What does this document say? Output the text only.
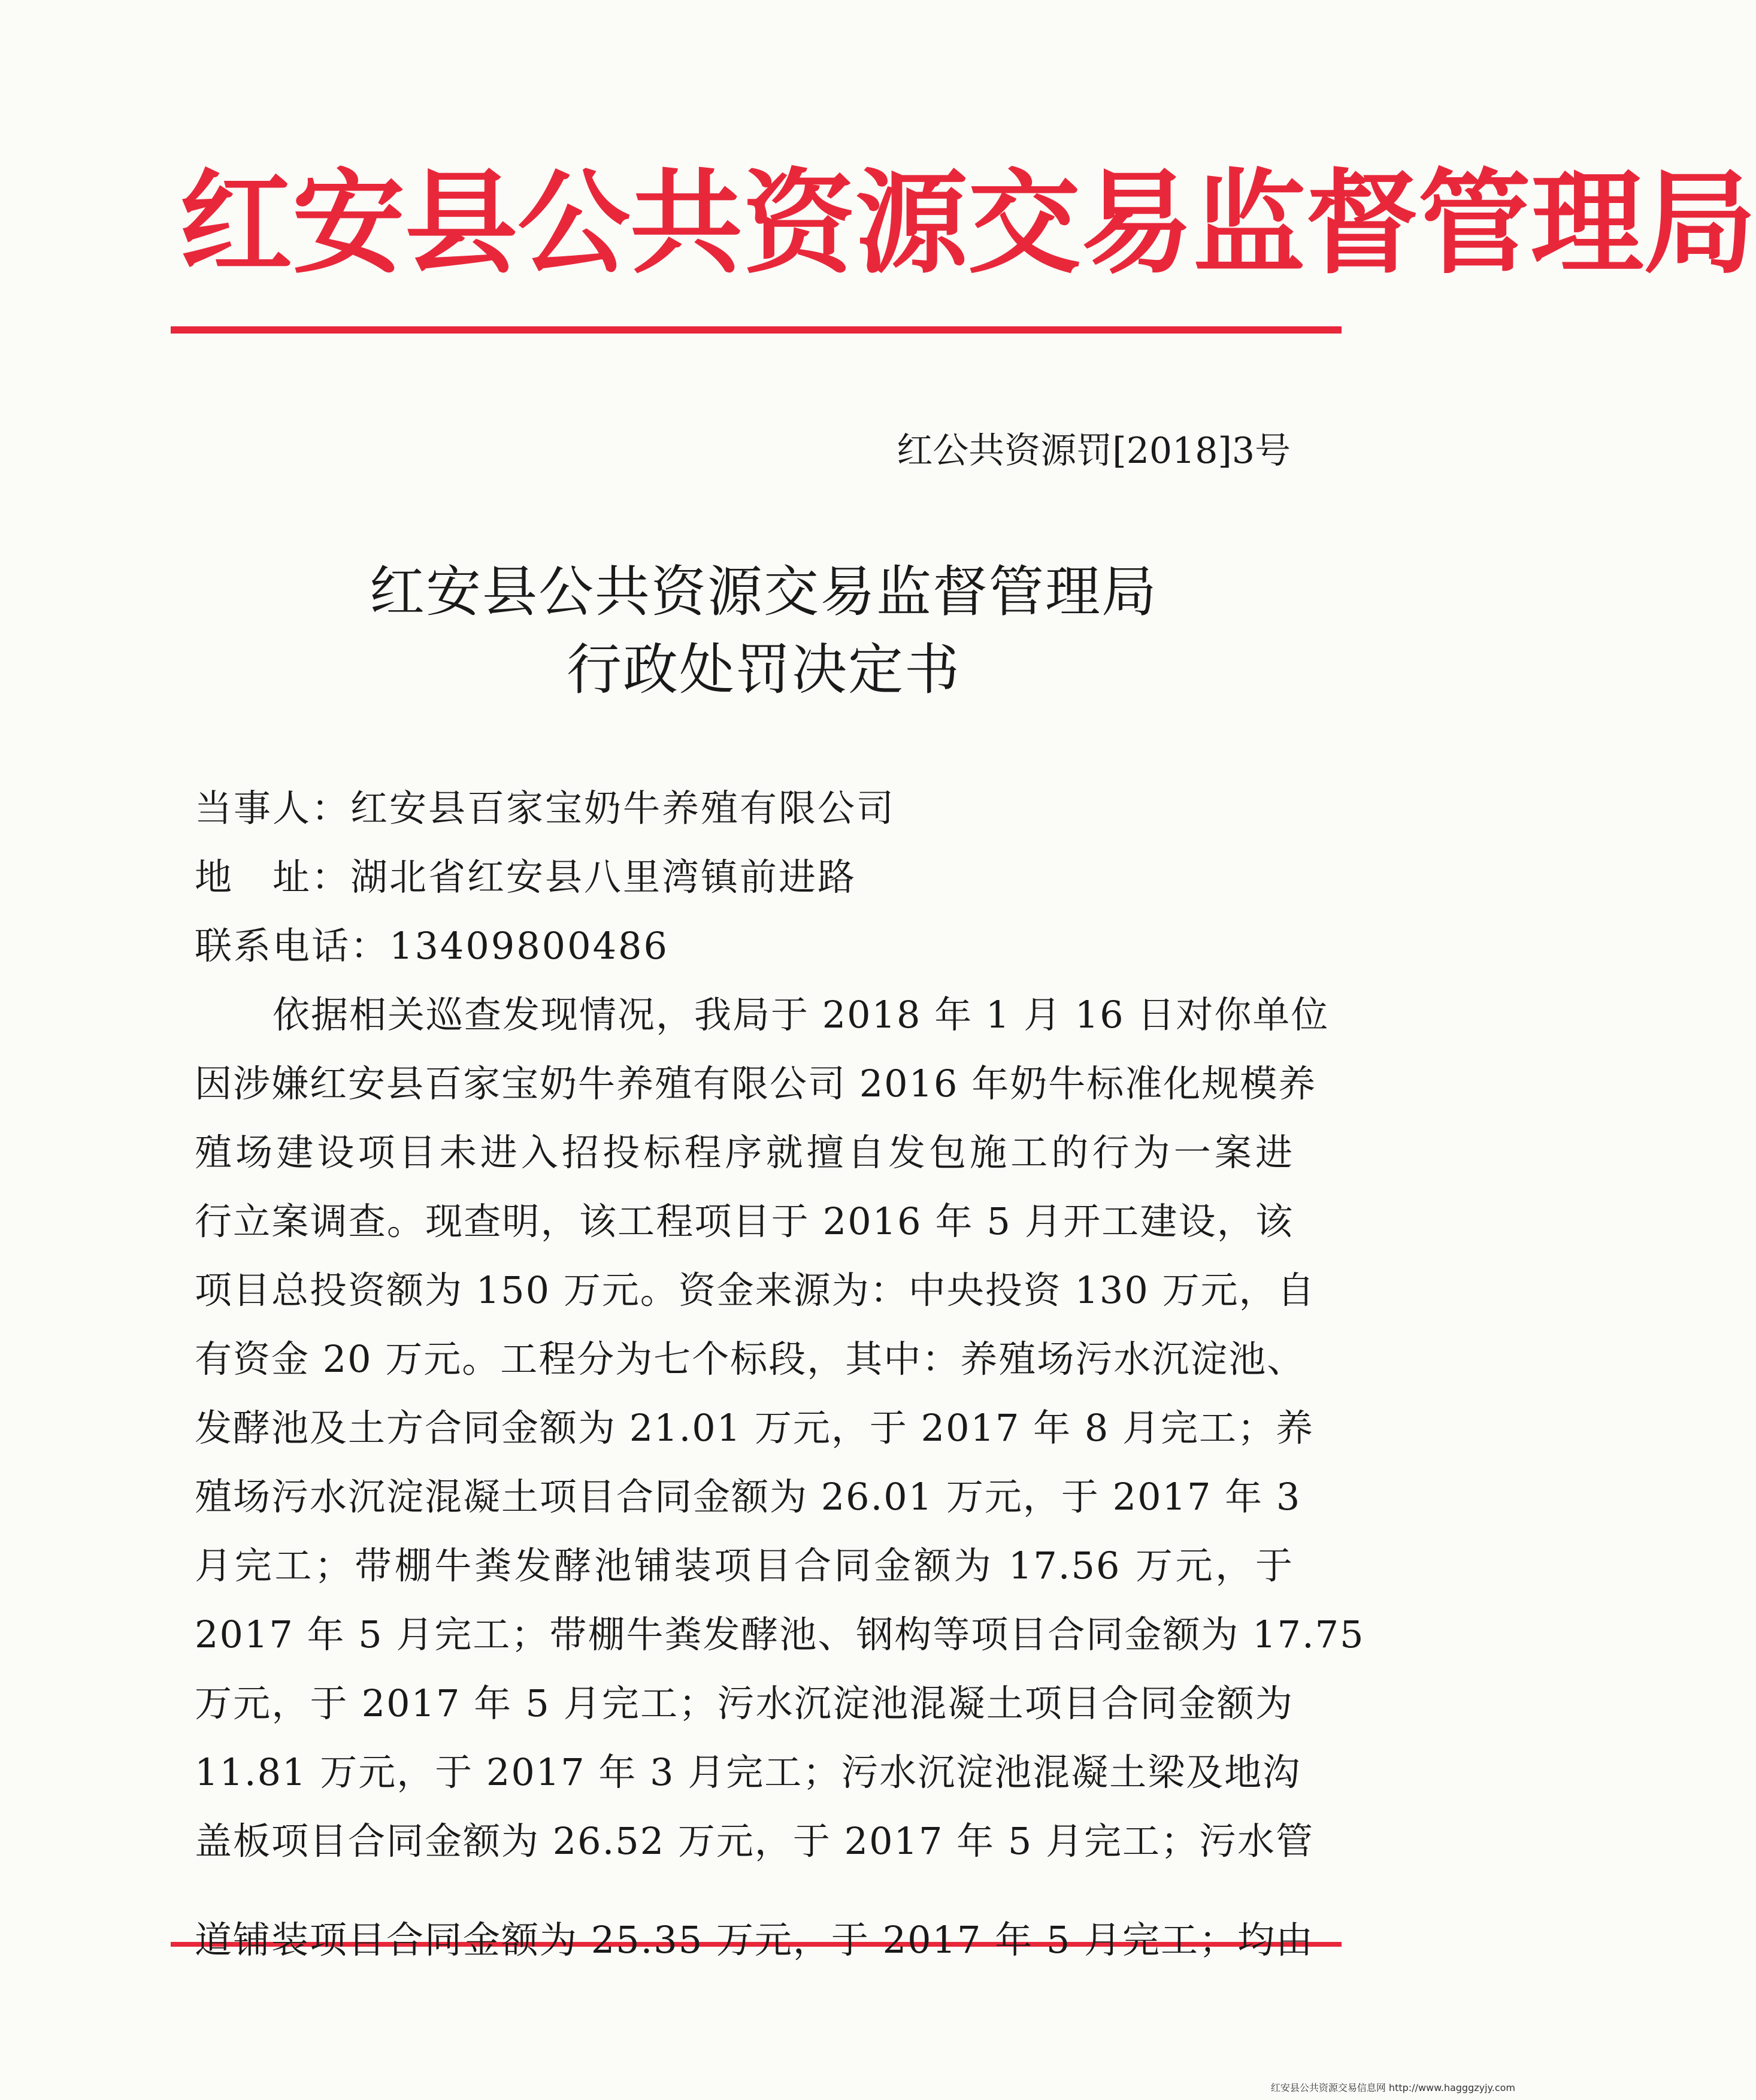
红安县公共资源交易监督管理局
红公共资源罚[2018]3号
红安县公共资源交易监督管理局
行政处罚决定书
当事人：红安县百家宝奶牛养殖有限公司
地　址：湖北省红安县八里湾镇前进路
联系电话：13409800486
依据相关巡查发现情况，我局于 2018 年 1 月 16 日对你单位
因涉嫌红安县百家宝奶牛养殖有限公司 2016 年奶牛标准化规模养
殖场建设项目未进入招投标程序就擅自发包施工的行为一案进
行立案调查。现查明，该工程项目于 2016 年 5 月开工建设，该
项目总投资额为 150 万元。资金来源为：中央投资 130 万元，自
有资金 20 万元。工程分为七个标段，其中：养殖场污水沉淀池、
发酵池及土方合同金额为 21.01 万元，于 2017 年 8 月完工；养
殖场污水沉淀混凝土项目合同金额为 26.01 万元，于 2017 年 3
月完工；带棚牛粪发酵池铺装项目合同金额为 17.56 万元，于
2017 年 5 月完工；带棚牛粪发酵池、钢构等项目合同金额为 17.75
万元，于 2017 年 5 月完工；污水沉淀池混凝土项目合同金额为
11.81 万元，于 2017 年 3 月完工；污水沉淀池混凝土梁及地沟
盖板项目合同金额为 26.52 万元，于 2017 年 5 月完工；污水管
道铺装项目合同金额为 25.35 万元，于 2017 年 5 月完工；均由
红安县公共资源交易信息网 http://www.hagggzyjy.com
